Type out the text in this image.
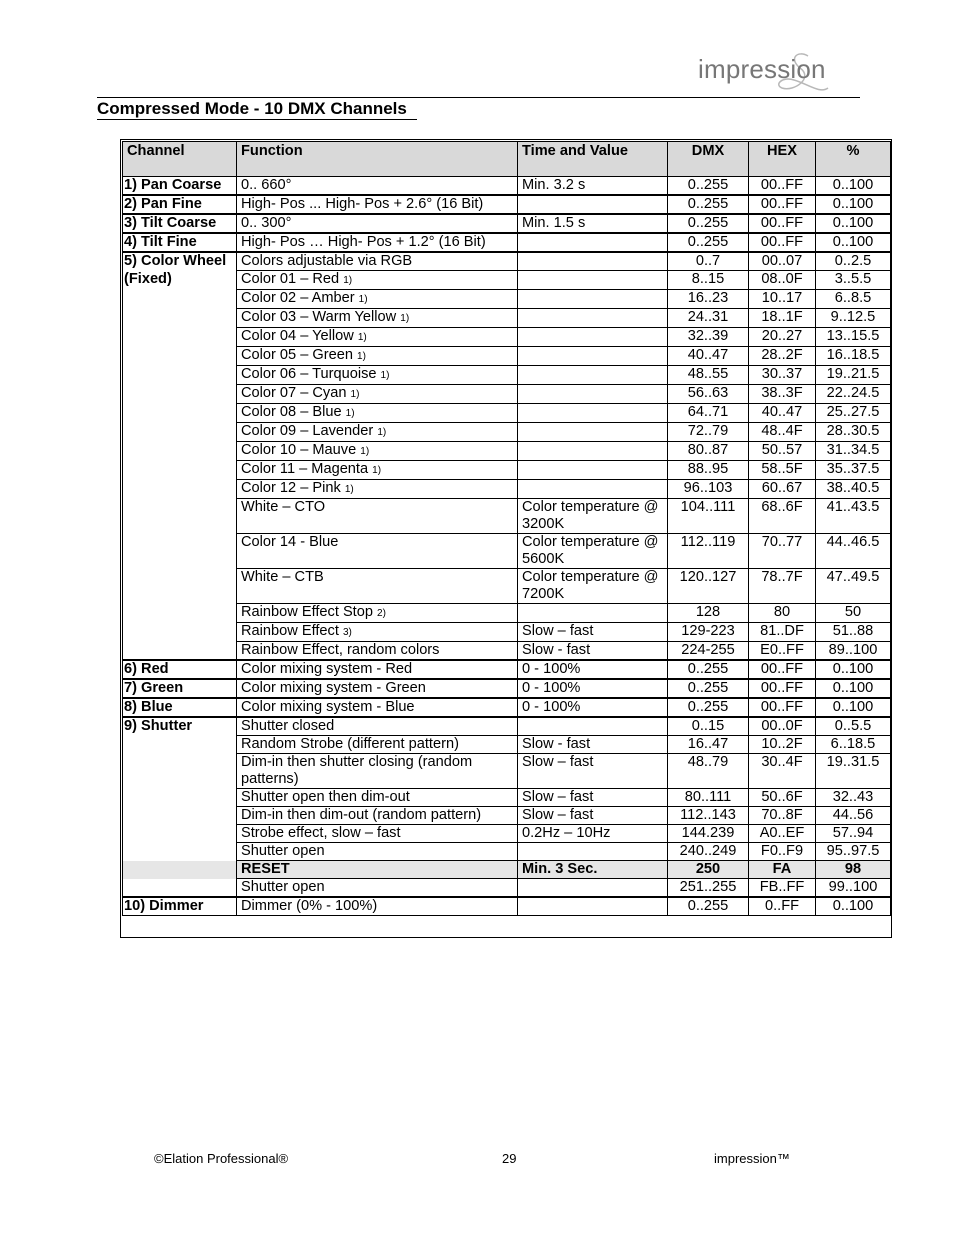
impression
Compressed Mode - 10 DMX Channels
Channel	Function	Time and Value	DMX	HEX	%
1) Pan Coarse	0.. 660°	Min. 3.2 s	0..255	00..FF	0..100
2) Pan Fine	High- Pos ... High- Pos + 2.6° (16 Bit)		0..255	00..FF	0..100
3) Tilt Coarse	0.. 300°	Min. 1.5 s	0..255	00..FF	0..100
4) Tilt Fine	High- Pos … High- Pos + 1.2° (16 Bit)		0..255	00..FF	0..100
5) Color Wheel	Colors adjustable via RGB		0..7	00..07	0..2.5
(Fixed)	Color 01 – Red 1)		8..15	08..0F	3..5.5
	Color 02 – Amber 1)		16..23	10..17	6..8.5
	Color 03 – Warm Yellow 1)		24..31	18..1F	9..12.5
	Color 04 – Yellow 1)		32..39	20..27	13..15.5
	Color 05 – Green 1)		40..47	28..2F	16..18.5
	Color 06 – Turquoise 1)		48..55	30..37	19..21.5
	Color 07 – Cyan 1)		56..63	38..3F	22..24.5
	Color 08 – Blue 1)		64..71	40..47	25..27.5
	Color 09 – Lavender 1)		72..79	48..4F	28..30.5
	Color 10 – Mauve 1)		80..87	50..57	31..34.5
	Color 11 – Magenta 1)		88..95	58..5F	35..37.5
	Color 12 – Pink 1)		96..103	60..67	38..40.5
	White – CTO	Color temperature @ 3200K	104..111	68..6F	41..43.5
	Color 14 - Blue	Color temperature @ 5600K	112..119	70..77	44..46.5
	White – CTB	Color temperature @ 7200K	120..127	78..7F	47..49.5
	Rainbow Effect Stop 2)		128	80	50
	Rainbow Effect 3)	Slow – fast	129-223	81..DF	51..88
	Rainbow Effect, random colors	Slow - fast	224-255	E0..FF	89..100
6) Red	Color mixing system - Red	0 - 100%	0..255	00..FF	0..100
7) Green	Color mixing system - Green	0 - 100%	0..255	00..FF	0..100
8) Blue	Color mixing system - Blue	0 - 100%	0..255	00..FF	0..100
9) Shutter	Shutter closed		0..15	00..0F	0..5.5
	Random Strobe (different pattern)	Slow - fast	16..47	10..2F	6..18.5
	Dim-in then shutter closing (random patterns)	Slow – fast	48..79	30..4F	19..31.5
	Shutter open then dim-out	Slow – fast	80..111	50..6F	32..43
	Dim-in then dim-out (random pattern)	Slow – fast	112..143	70..8F	44..56
	Strobe effect, slow – fast	0.2Hz – 10Hz	144.239	A0..EF	57..94
	Shutter open		240..249	F0..F9	95..97.5
	RESET	Min. 3 Sec.	250	FA	98
	Shutter open		251..255	FB..FF	99..100
10) Dimmer	Dimmer (0% - 100%)		0..255	0..FF	0..100
©Elation Professional®	29	impression™
